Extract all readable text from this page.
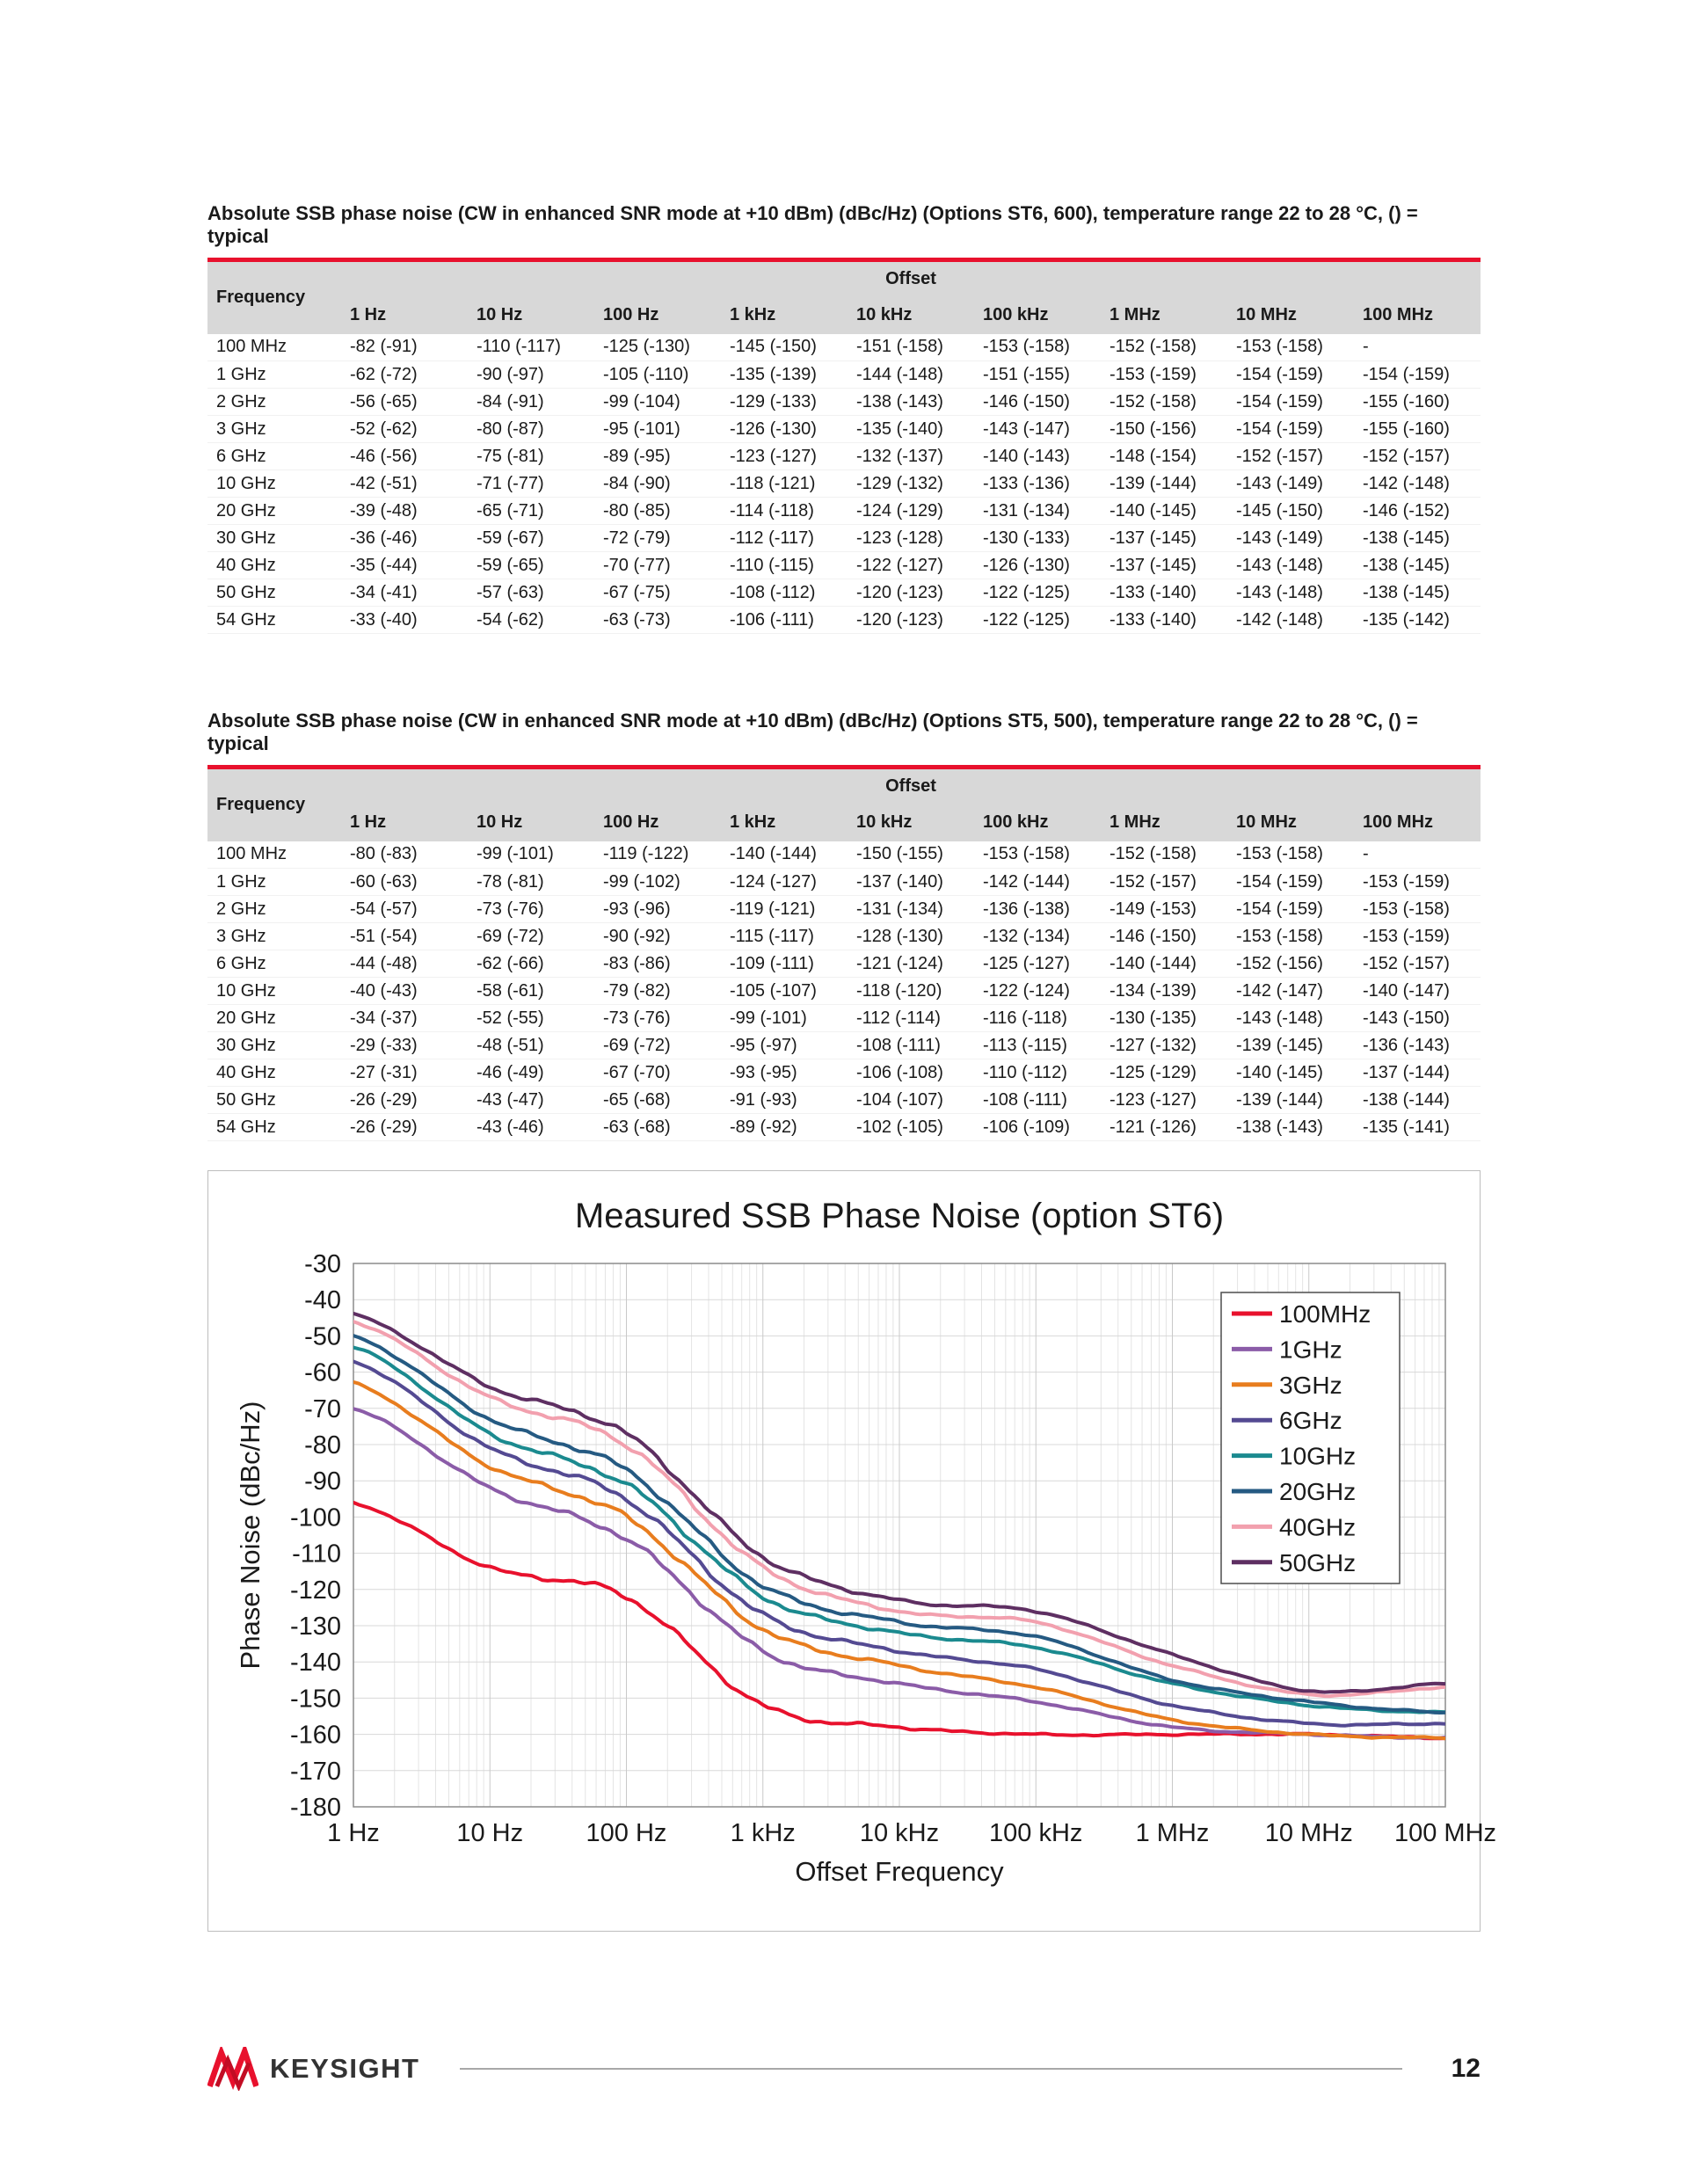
Absolute SSB phase noise (CW in enhanced SNR mode at +10 dBm) (dBc/Hz) (Options ST6, 600), temperature range 22 to 28 °C, () = typical
Frequency	Offset								
	1 Hz	10 Hz	100 Hz	1 kHz	10 kHz	100 kHz	1 MHz	10 MHz	100 MHz
100 MHz	-82 (-91)	-110 (-117)	-125 (-130)	-145 (-150)	-151 (-158)	-153 (-158)	-152 (-158)	-153 (-158)	-
1 GHz	-62 (-72)	-90 (-97)	-105 (-110)	-135 (-139)	-144 (-148)	-151 (-155)	-153 (-159)	-154 (-159)	-154 (-159)
2 GHz	-56 (-65)	-84 (-91)	-99 (-104)	-129 (-133)	-138 (-143)	-146 (-150)	-152 (-158)	-154 (-159)	-155 (-160)
3 GHz	-52 (-62)	-80 (-87)	-95 (-101)	-126 (-130)	-135 (-140)	-143 (-147)	-150 (-156)	-154 (-159)	-155 (-160)
6 GHz	-46 (-56)	-75 (-81)	-89 (-95)	-123 (-127)	-132 (-137)	-140 (-143)	-148 (-154)	-152 (-157)	-152 (-157)
10 GHz	-42 (-51)	-71 (-77)	-84 (-90)	-118 (-121)	-129 (-132)	-133 (-136)	-139 (-144)	-143 (-149)	-142 (-148)
20 GHz	-39 (-48)	-65 (-71)	-80 (-85)	-114 (-118)	-124 (-129)	-131 (-134)	-140 (-145)	-145 (-150)	-146 (-152)
30 GHz	-36 (-46)	-59 (-67)	-72 (-79)	-112 (-117)	-123 (-128)	-130 (-133)	-137 (-145)	-143 (-149)	-138 (-145)
40 GHz	-35 (-44)	-59 (-65)	-70 (-77)	-110 (-115)	-122 (-127)	-126 (-130)	-137 (-145)	-143 (-148)	-138 (-145)
50 GHz	-34 (-41)	-57 (-63)	-67 (-75)	-108 (-112)	-120 (-123)	-122 (-125)	-133 (-140)	-143 (-148)	-138 (-145)
54 GHz	-33 (-40)	-54 (-62)	-63 (-73)	-106 (-111)	-120 (-123)	-122 (-125)	-133 (-140)	-142 (-148)	-135 (-142)
Absolute SSB phase noise (CW in enhanced SNR mode at +10 dBm) (dBc/Hz) (Options ST5, 500), temperature range 22 to 28 °C, () = typical
Frequency	Offset								
	1 Hz	10 Hz	100 Hz	1 kHz	10 kHz	100 kHz	1 MHz	10 MHz	100 MHz
100 MHz	-80 (-83)	-99 (-101)	-119 (-122)	-140 (-144)	-150 (-155)	-153 (-158)	-152 (-158)	-153 (-158)	-
1 GHz	-60 (-63)	-78 (-81)	-99 (-102)	-124 (-127)	-137 (-140)	-142 (-144)	-152 (-157)	-154 (-159)	-153 (-159)
2 GHz	-54 (-57)	-73 (-76)	-93 (-96)	-119 (-121)	-131 (-134)	-136 (-138)	-149 (-153)	-154 (-159)	-153 (-158)
3 GHz	-51 (-54)	-69 (-72)	-90 (-92)	-115 (-117)	-128 (-130)	-132 (-134)	-146 (-150)	-153 (-158)	-153 (-159)
6 GHz	-44 (-48)	-62 (-66)	-83 (-86)	-109 (-111)	-121 (-124)	-125 (-127)	-140 (-144)	-152 (-156)	-152 (-157)
10 GHz	-40 (-43)	-58 (-61)	-79 (-82)	-105 (-107)	-118 (-120)	-122 (-124)	-134 (-139)	-142 (-147)	-140 (-147)
20 GHz	-34 (-37)	-52 (-55)	-73 (-76)	-99 (-101)	-112 (-114)	-116 (-118)	-130 (-135)	-143 (-148)	-143 (-150)
30 GHz	-29 (-33)	-48 (-51)	-69 (-72)	-95 (-97)	-108 (-111)	-113 (-115)	-127 (-132)	-139 (-145)	-136 (-143)
40 GHz	-27 (-31)	-46 (-49)	-67 (-70)	-93 (-95)	-106 (-108)	-110 (-112)	-125 (-129)	-140 (-145)	-137 (-144)
50 GHz	-26 (-29)	-43 (-47)	-65 (-68)	-91 (-93)	-104 (-107)	-108 (-111)	-123 (-127)	-139 (-144)	-138 (-144)
54 GHz	-26 (-29)	-43 (-46)	-63 (-68)	-89 (-92)	-102 (-105)	-106 (-109)	-121 (-126)	-138 (-143)	-135 (-141)
Measured SSB Phase Noise (option ST6)
-30
-40
-50
-60
-70
-80
-90
-100
-110
-120
-130
-140
-150
-160
-170
-180
1 Hz	10 Hz 100 Hz 1 kHz	10 kHz 100 kHz 1 MHz 10 MHz 100 MHz
Offset Frequency
Phase Noise (dBc/Hz)
100MHz
1GHz
3GHz
6GHz
10GHz
20GHz
40GHz
50GHz
KEYSIGHT	12
